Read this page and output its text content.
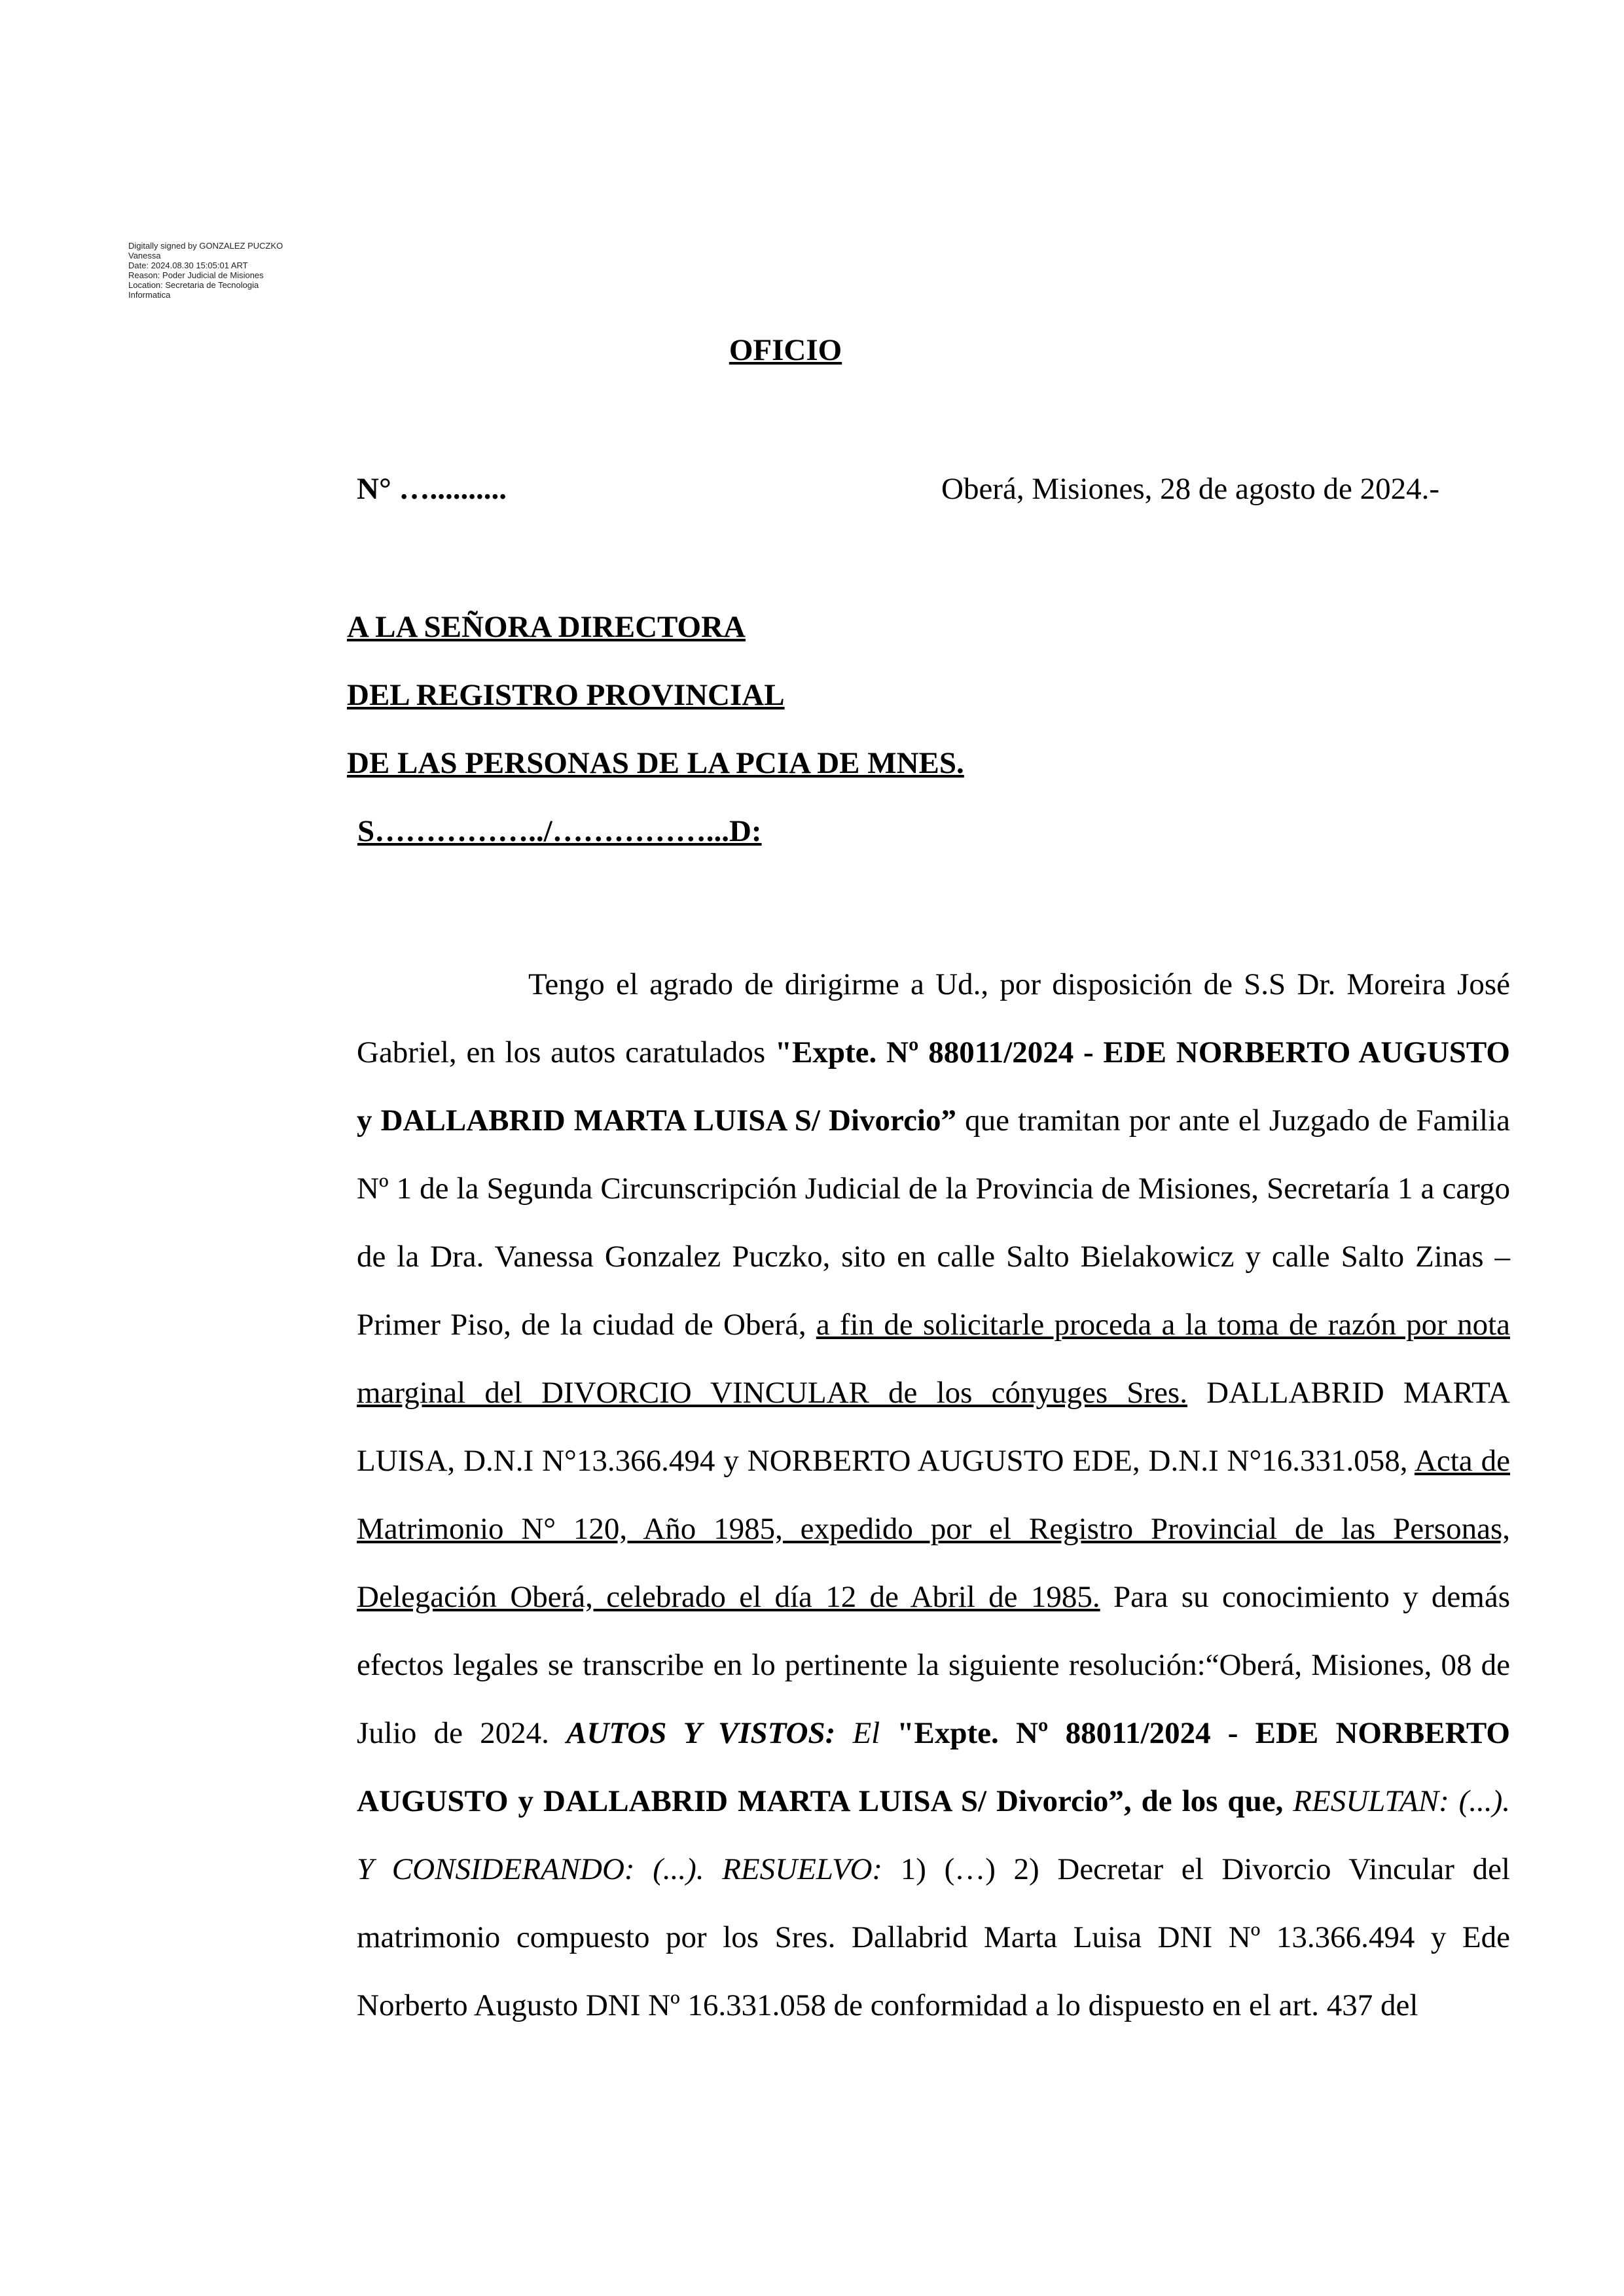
Digitally signed by GONZALEZ PUCZKO
Vanessa
Date: 2024.08.30 15:05:01 ART
Reason: Poder Judicial de Misiones
Location: Secretaria de Tecnologia
Informatica
OFICIO
N° …..........	Oberá, Misiones, 28 de agosto de 2024.-
A LA SEÑORA DIRECTORA
DEL REGISTRO PROVINCIAL
DE LAS PERSONAS DE LA PCIA DE MNES.
S……………../……………...D:
Tengo el agrado de dirigirme a Ud., por disposición de S.S Dr. Moreira José Gabriel, en los autos caratulados "Expte. Nº 88011/2024 - EDE NORBERTO AUGUSTO y DALLABRID MARTA LUISA S/ Divorcio” que tramitan por ante el Juzgado de Familia Nº 1 de la Segunda Circunscripción Judicial de la Provincia de Misiones, Secretaría 1 a cargo de la Dra. Vanessa Gonzalez Puczko, sito en calle Salto Bielakowicz y calle Salto Zinas – Primer Piso, de la ciudad de Oberá, a fin de solicitarle proceda a la toma de razón por nota marginal del DIVORCIO VINCULAR de los cónyuges Sres. DALLABRID MARTA LUISA, D.N.I N°13.366.494 y NORBERTO AUGUSTO EDE, D.N.I N°16.331.058, Acta de Matrimonio N° 120, Año 1985, expedido por el Registro Provincial de las Personas, Delegación Oberá, celebrado el día 12 de Abril de 1985. Para su conocimiento y demás efectos legales se transcribe en lo pertinente la siguiente resolución:“Oberá, Misiones, 08 de Julio de 2024. AUTOS Y VISTOS: El "Expte. Nº 88011/2024 - EDE NORBERTO AUGUSTO y DALLABRID MARTA LUISA S/ Divorcio”, de los que, RESULTAN: (...). Y CONSIDERANDO: (...). RESUELVO: 1) (…) 2) Decretar el Divorcio Vincular del matrimonio compuesto por los Sres. Dallabrid Marta Luisa DNI Nº 13.366.494 y Ede Norberto Augusto DNI Nº 16.331.058 de conformidad a lo dispuesto en el art. 437 del
